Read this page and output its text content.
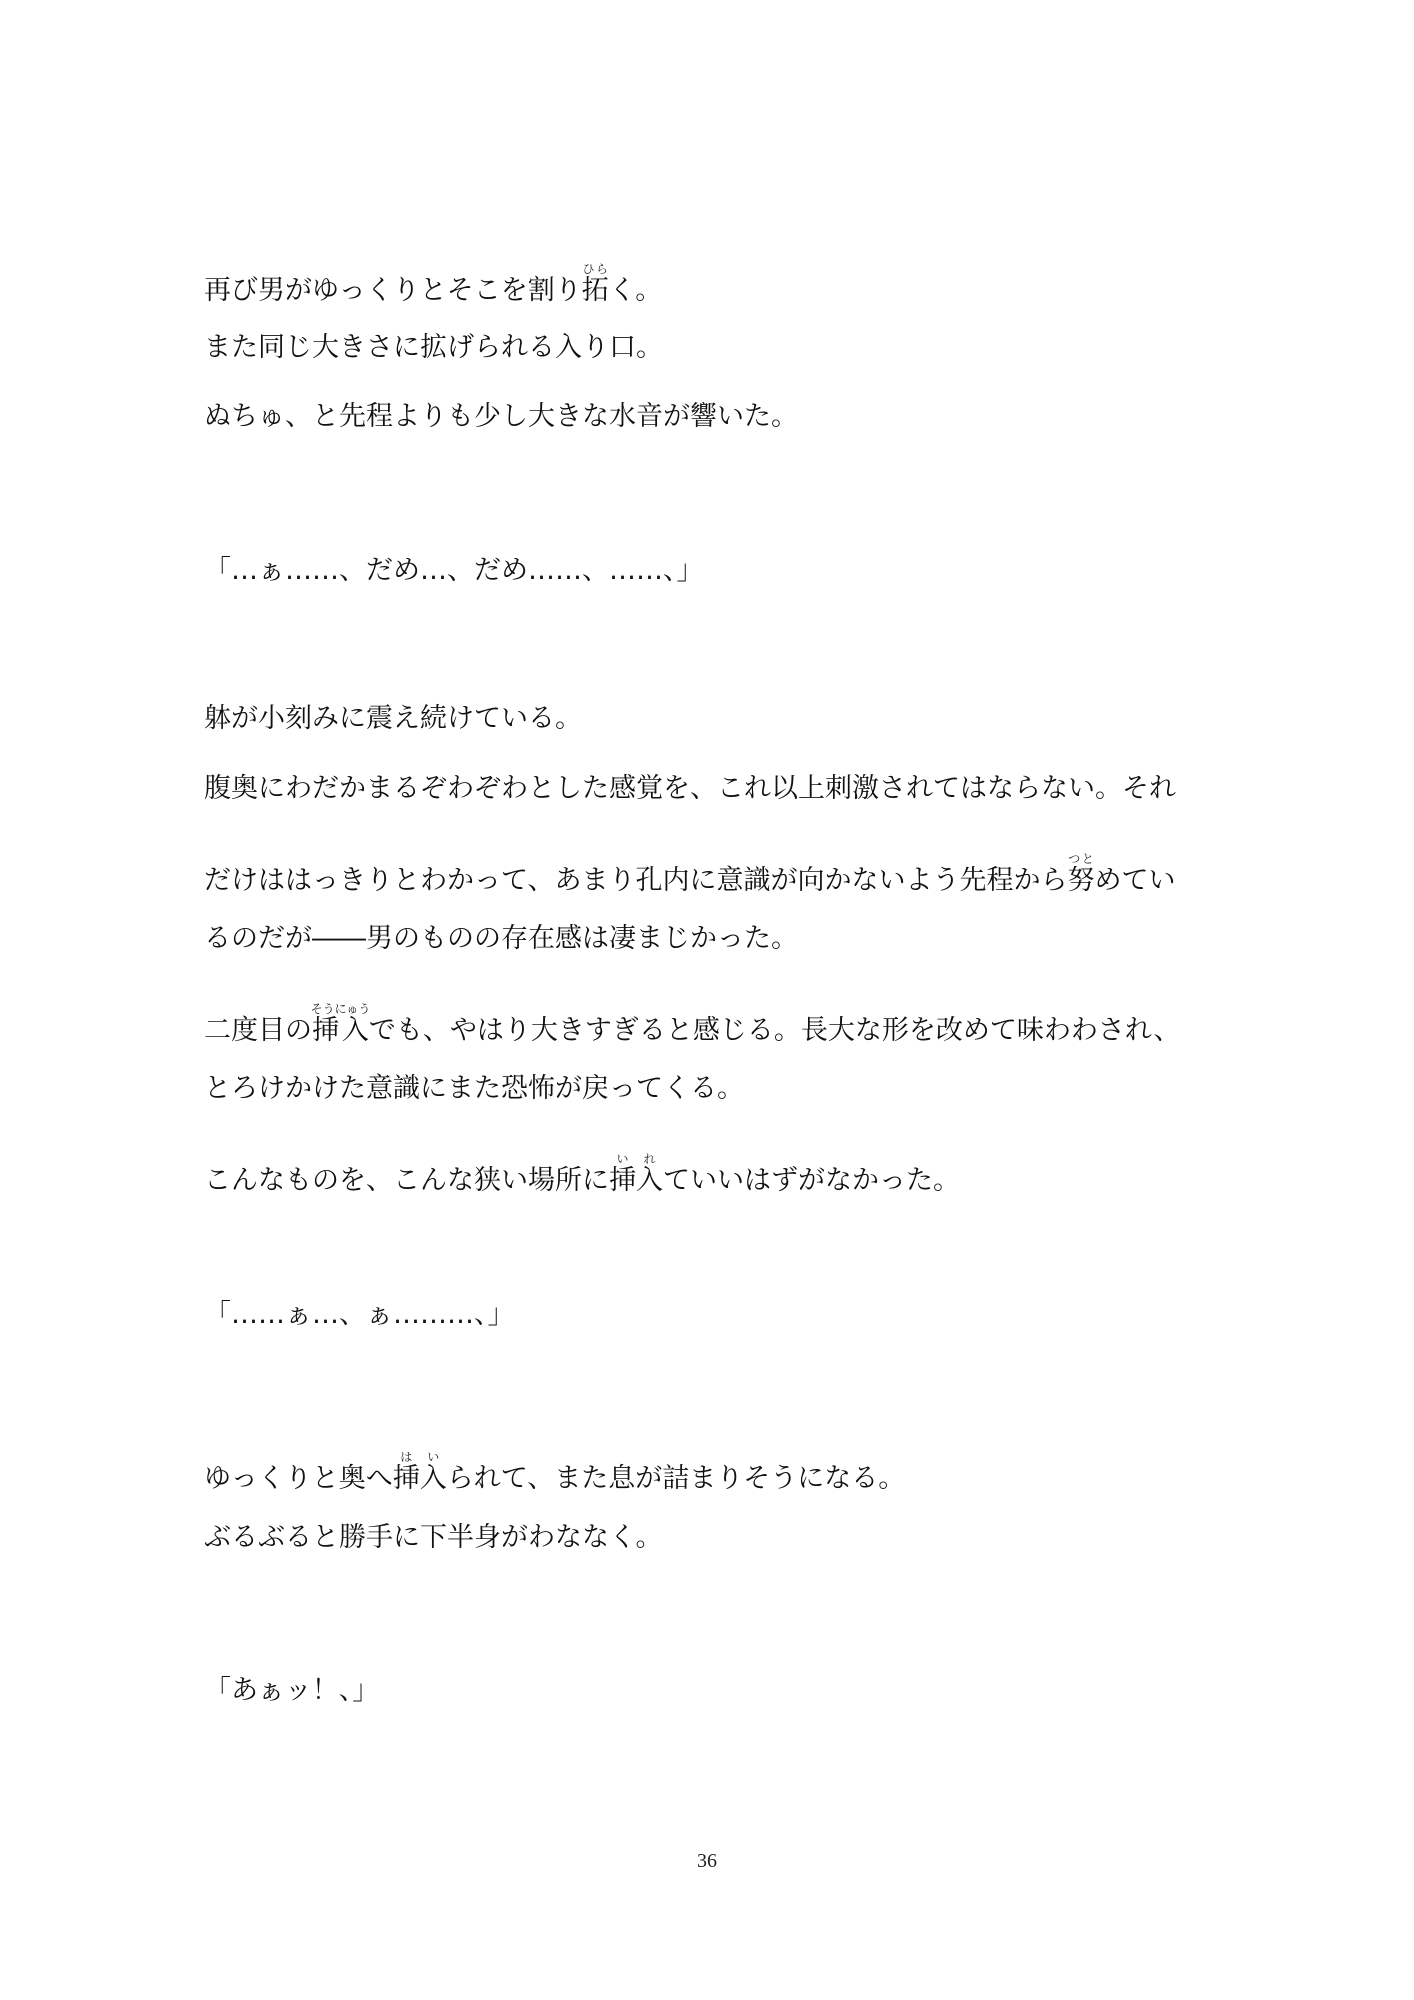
再び男がゆっくりとそこを割り拓ひらく。
また同じ大きさに拡げられる入り口。
ぬちゅ、と先程よりも少し大きな水音が響いた。
「…ぁ……、だめ…、だめ……、……、」
躰が小刻みに震え続けている。
腹奥にわだかまるぞわぞわとした感覚を、これ以上刺激されてはならない。それ
だけははっきりとわかって、あまり孔内に意識が向かないよう先程から努つとめてい
るのだが――男のものの存在感は凄まじかった。
二度目の挿入そうにゅうでも、やはり大きすぎると感じる。長大な形を改めて味わわされ、
とろけかけた意識にまた恐怖が戻ってくる。
こんなものを、こんな狭い場所に挿入いれていいはずがなかった。
「……ぁ…、ぁ………、」
ゆっくりと奥へ挿入はいられて、また息が詰まりそうになる。
ぶるぶると勝手に下半身がわななく。
「あぁッ！、」
36
